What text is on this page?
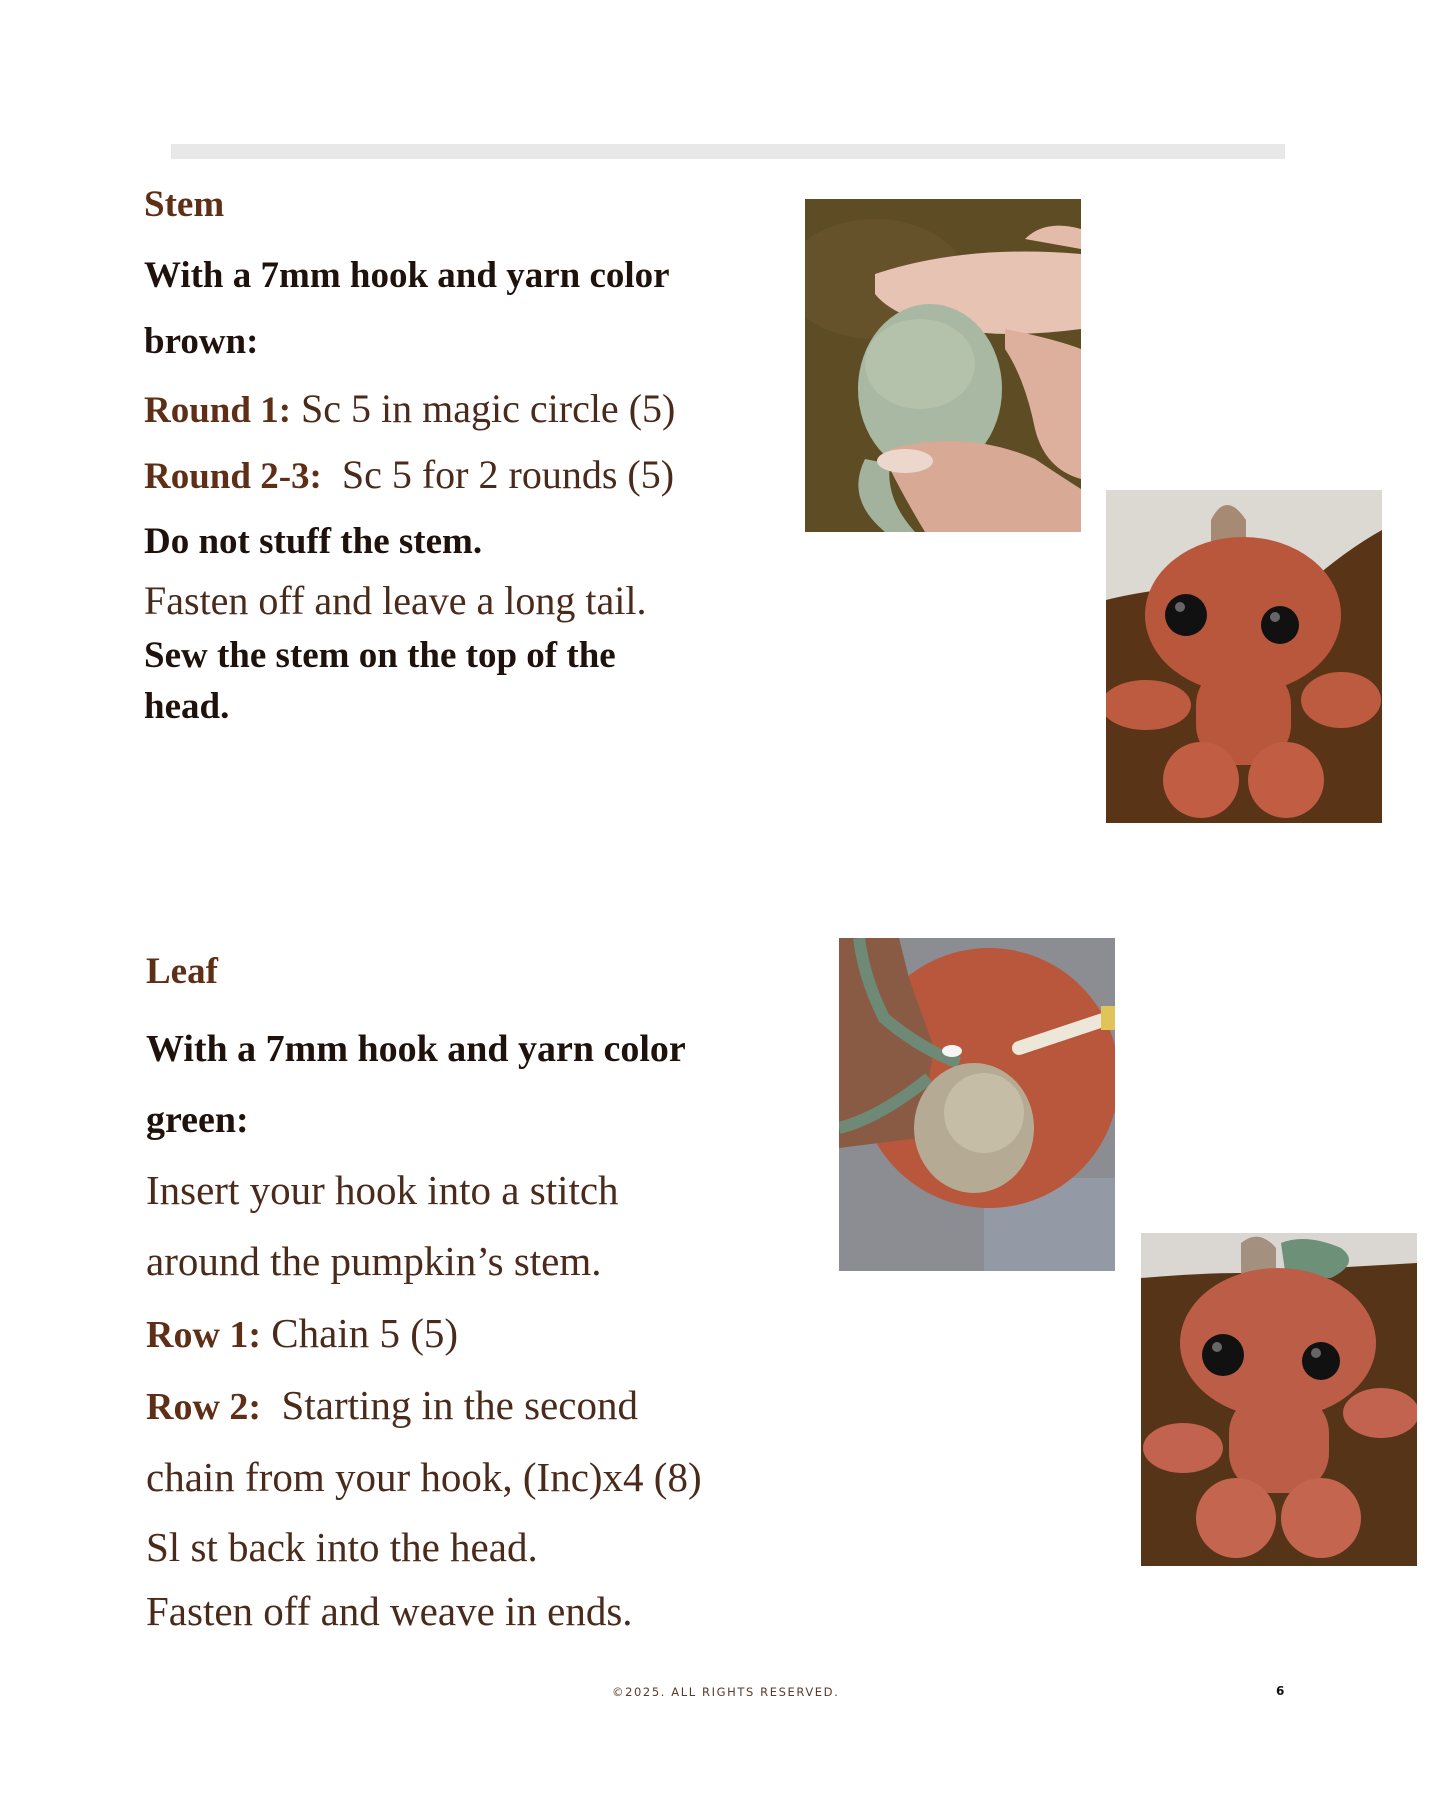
Stem
With a 7mm hook and yarn color
brown:
Round 1: Sc 5 in magic circle (5)
Round 2-3:  Sc 5 for 2 rounds (5)
Do not stuff the stem.
Fasten off and leave a long tail.
Sew the stem on the top of the
head.
Leaf
With a 7mm hook and yarn color
green:
Insert your hook into a stitch
around the pumpkin’s stem.
Row 1: Chain 5 (5)
Row 2:  Starting in the second
chain from your hook, (Inc)x4 (8)
Sl st back into the head.
Fasten off and weave in ends.
©2025. ALL RIGHTS RESERVED.	6
